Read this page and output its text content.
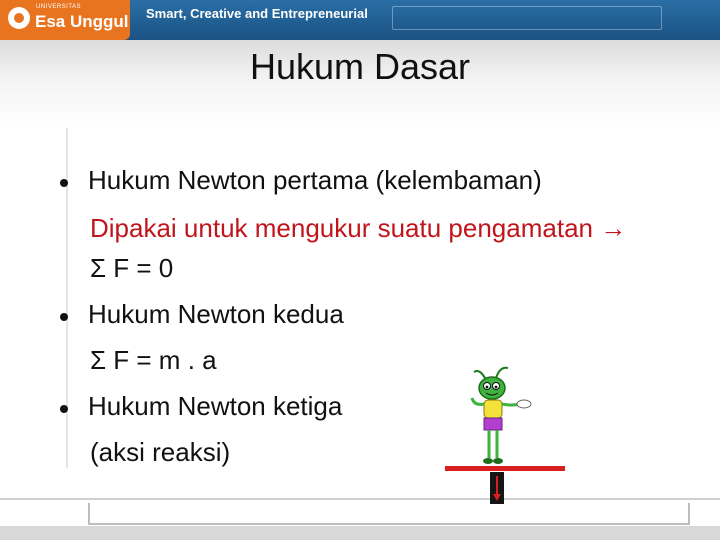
UNIVERSITAS
Esa Unggul Smart, Creative and Entrepreneurial
Hukum Dasar
Hukum Newton pertama (kelembaman)
Dipakai untuk mengukur suatu pengamatan →
Σ F = 0
Hukum Newton kedua
Σ F = m . a
Hukum Newton ketiga
(aksi reaksi)
